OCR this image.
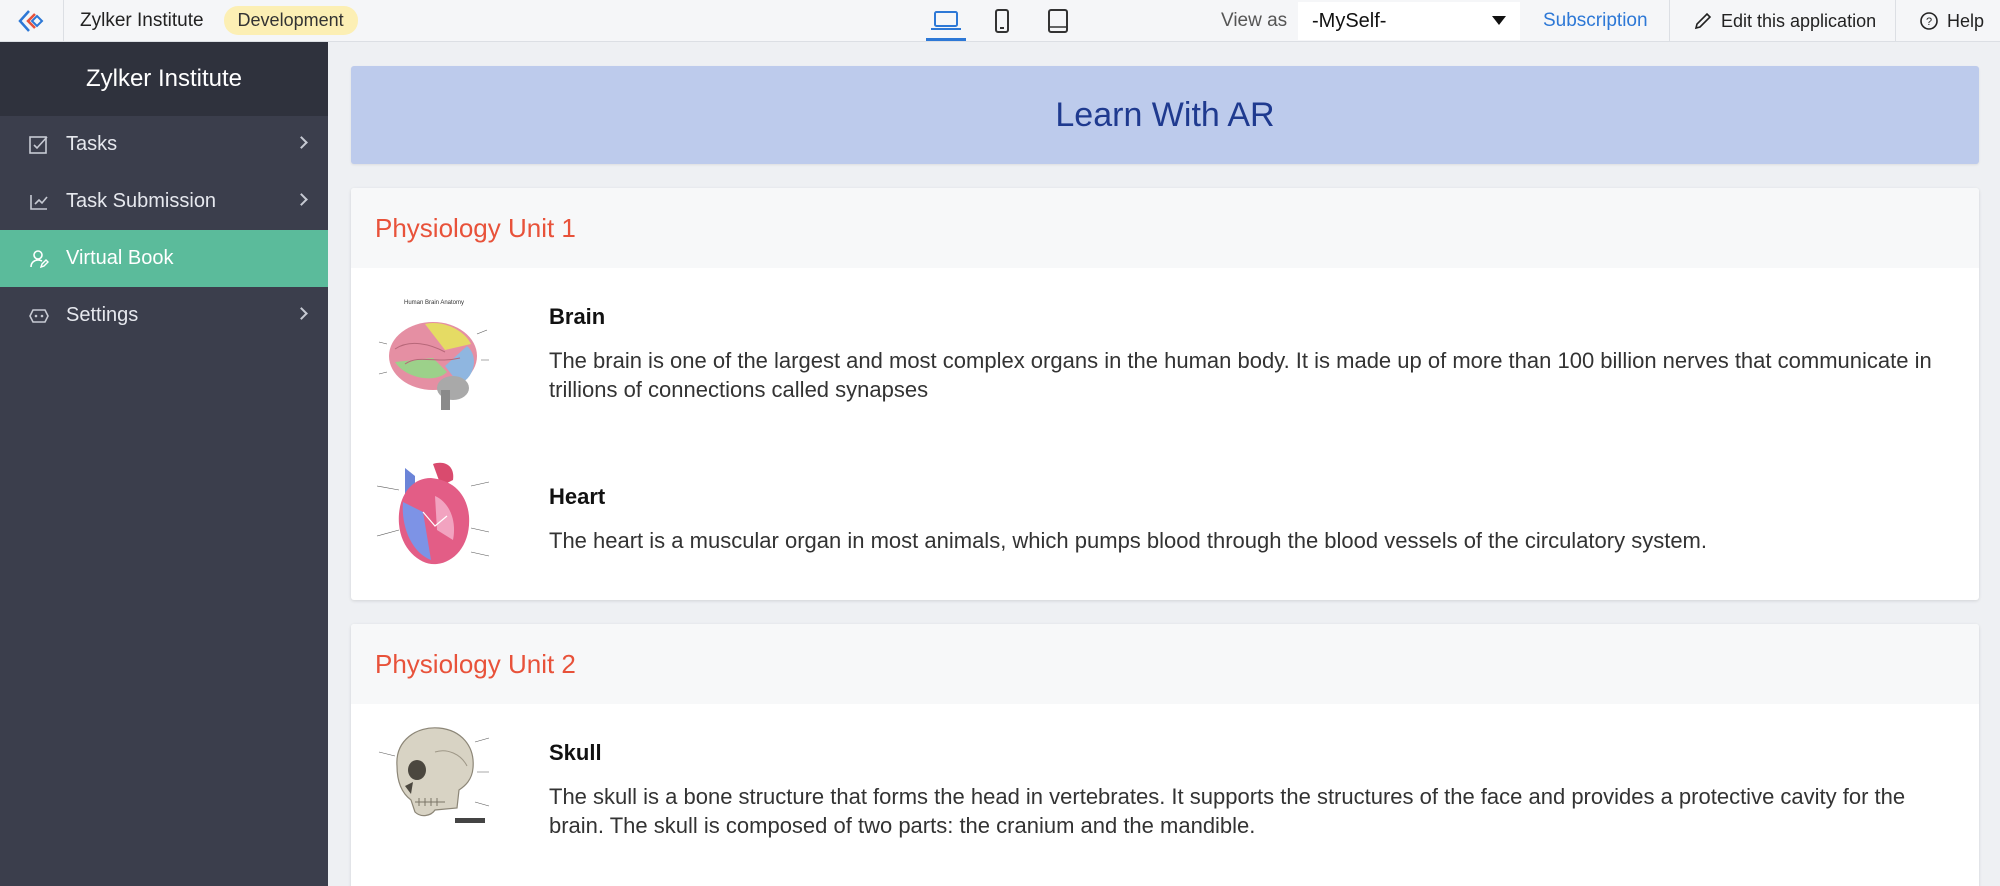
Zylker Institute	Development	View as -MySelf-	Subscription	Edit this application	? Help
Zylker Institute
Tasks
Task Submission
Virtual Book
Settings
Learn With AR
Physiology Unit 1
Human Brain Anatomy
Brain
The brain is one of the largest and most complex organs in the human body. It is made up of more than 100 billion nerves that communicate in trillions of connections called synapses
Heart
The heart is a muscular organ in most animals, which pumps blood through the blood vessels of the circulatory system.
Physiology Unit 2
Skull
The skull is a bone structure that forms the head in vertebrates. It supports the structures of the face and provides a protective cavity for the brain. The skull is composed of two parts: the cranium and the mandible.
